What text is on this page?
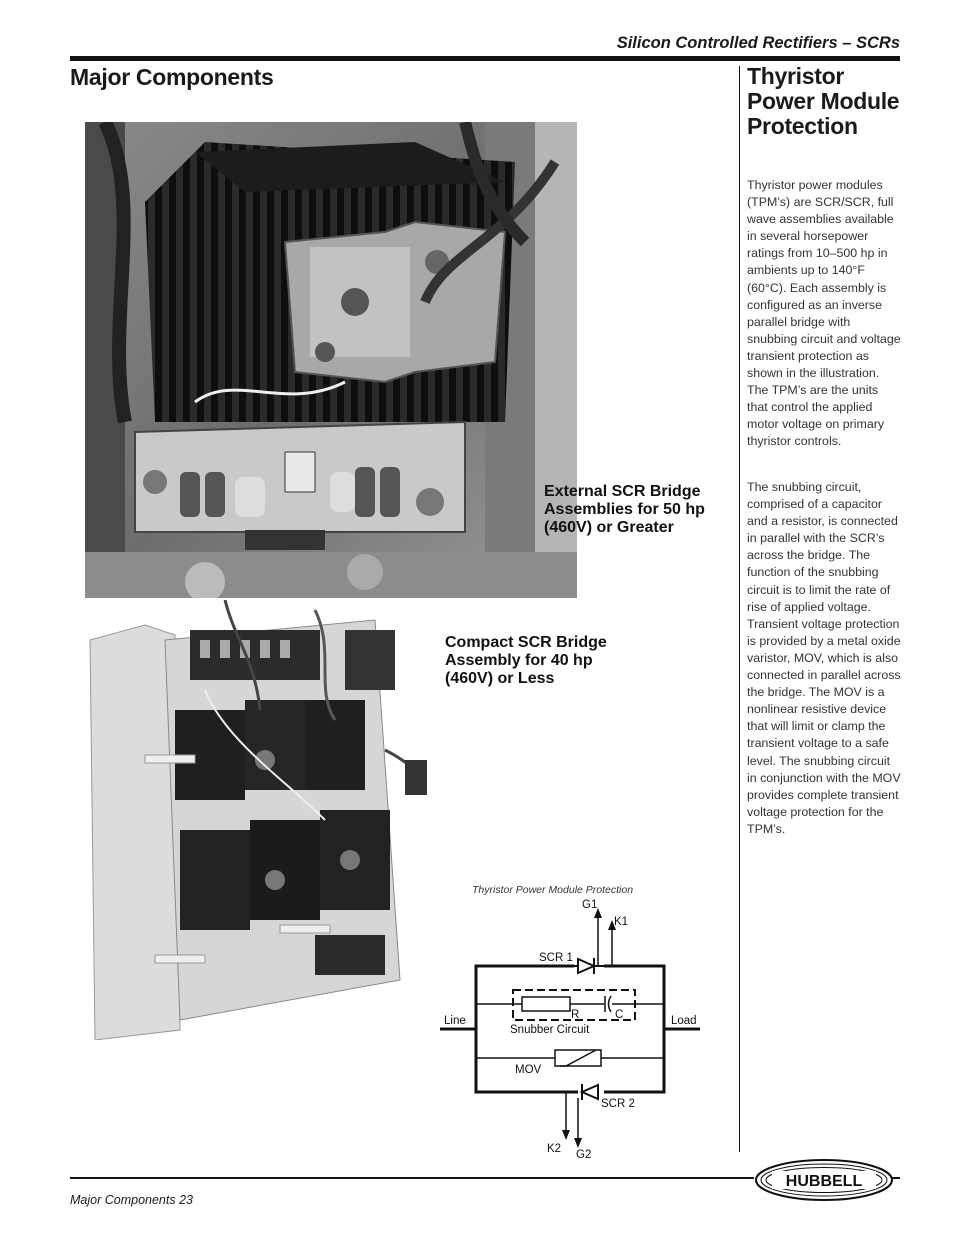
Silicon Controlled Rectifiers – SCRs
Major Components
External SCR Bridge Assemblies for 50 hp (460V) or Greater
Compact SCR Bridge Assembly for 40 hp (460V) or Less
Thyristor Power Module Protection

Thyristor power modules (TPM’s) are SCR/SCR, full wave assemblies available in several horsepower ratings from 10–500 hp in ambients up to 140°F (60°C). Each assembly is configured as an inverse parallel bridge with snubbing circuit and voltage transient protection as shown in the illustration. The TPM’s are the units that control the applied motor voltage on primary thyristor controls.

The snubbing circuit, comprised of a capacitor and a resistor, is connected in parallel with the SCR’s across the bridge. The function of the snubbing circuit is to limit the rate of rise of applied voltage. Transient voltage protection is provided by a metal oxide varistor, MOV, which is also connected in parallel across the bridge. The MOV is a nonlinear resistive device that will limit or clamp the transient voltage to a safe level. The snubbing circuit in conjunction with the MOV provides complete transient voltage protection for the TPM’s.

Thyristor Power Module Protection
G1
K1
SCR 1
Line	Load
R	C
Snubber Circuit
MOV
SCR 2
K2 G2
HUBBELL
Major Components 23
